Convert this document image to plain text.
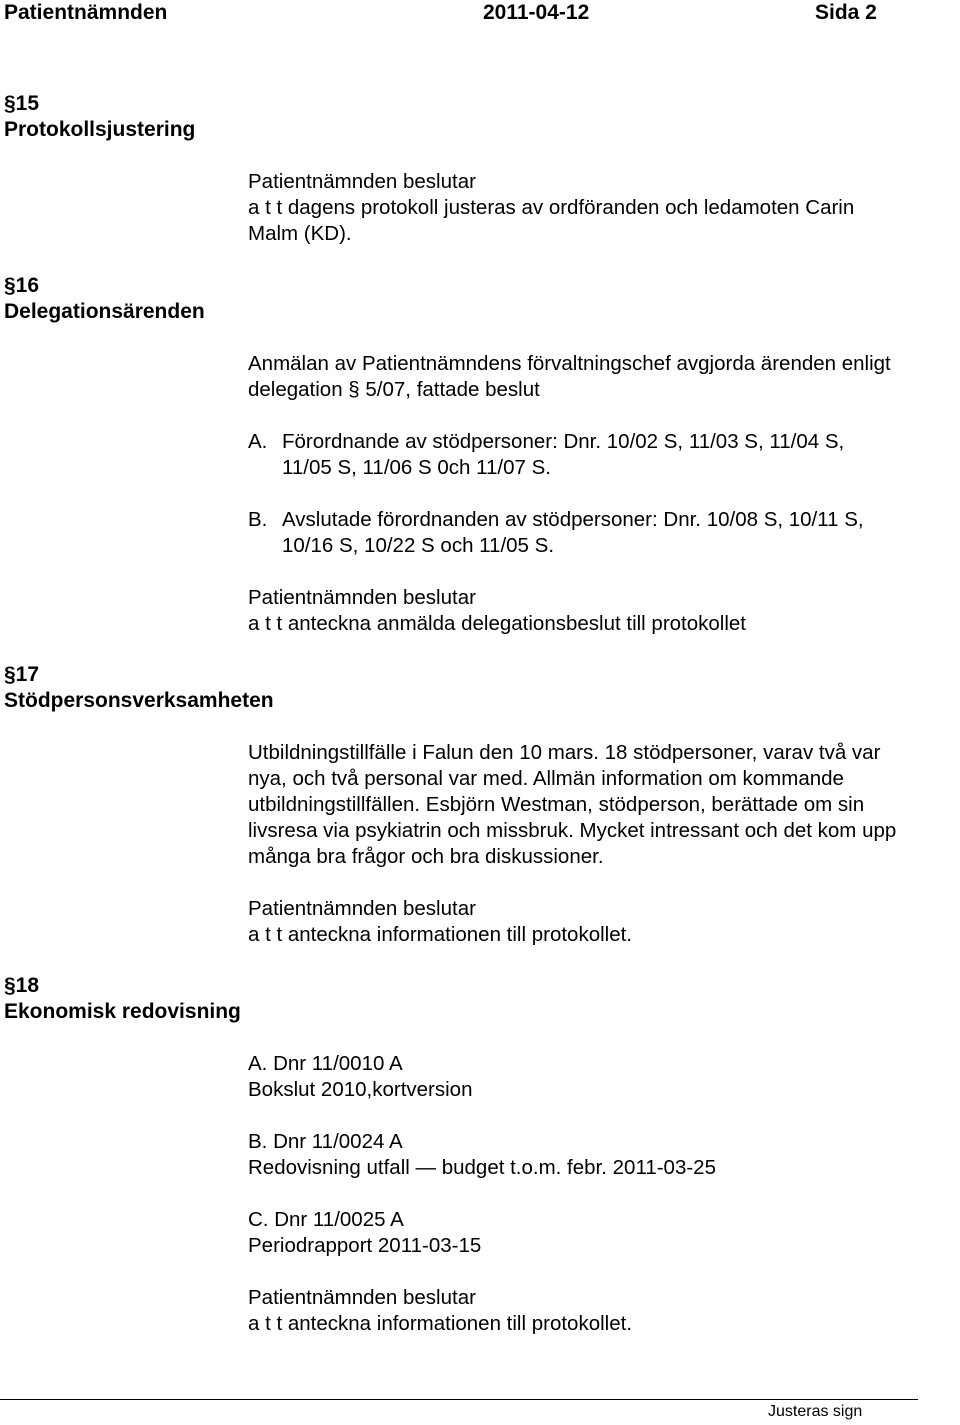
Patientnämnden	2011-04-12	Sida 2
§15
Protokollsjustering
Patientnämnden beslutar
a t t dagens protokoll justeras av ordföranden och ledamoten Carin
Malm (KD).
§16
Delegationsärenden
Anmälan av Patientnämndens förvaltningschef avgjorda ärenden enligt
delegation § 5/07, fattade beslut
A. Förordnande av stödpersoner: Dnr. 10/02 S, 11/03 S, 11/04 S,
11/05 S, 11/06 S 0ch 11/07 S.
B. Avslutade förordnanden av stödpersoner: Dnr. 10/08 S, 10/11 S,
10/16 S, 10/22 S och 11/05 S.
Patientnämnden beslutar
a t t anteckna anmälda delegationsbeslut till protokollet
§17
Stödpersonsverksamheten
Utbildningstillfälle i Falun den 10 mars. 18 stödpersoner, varav två var
nya, och två personal var med. Allmän information om kommande
utbildningstillfällen. Esbjörn Westman, stödperson, berättade om sin
livsresa via psykiatrin och missbruk. Mycket intressant och det kom upp
många bra frågor och bra diskussioner.
Patientnämnden beslutar
a t t anteckna informationen till protokollet.
§18
Ekonomisk redovisning
A. Dnr 11/0010 A
Bokslut 2010,kortversion
B. Dnr 11/0024 A
Redovisning utfall — budget t.o.m. febr. 2011-03-25
C. Dnr 11/0025 A
Periodrapport 2011-03-15
Patientnämnden beslutar
a t t anteckna informationen till protokollet.
Justeras sign
